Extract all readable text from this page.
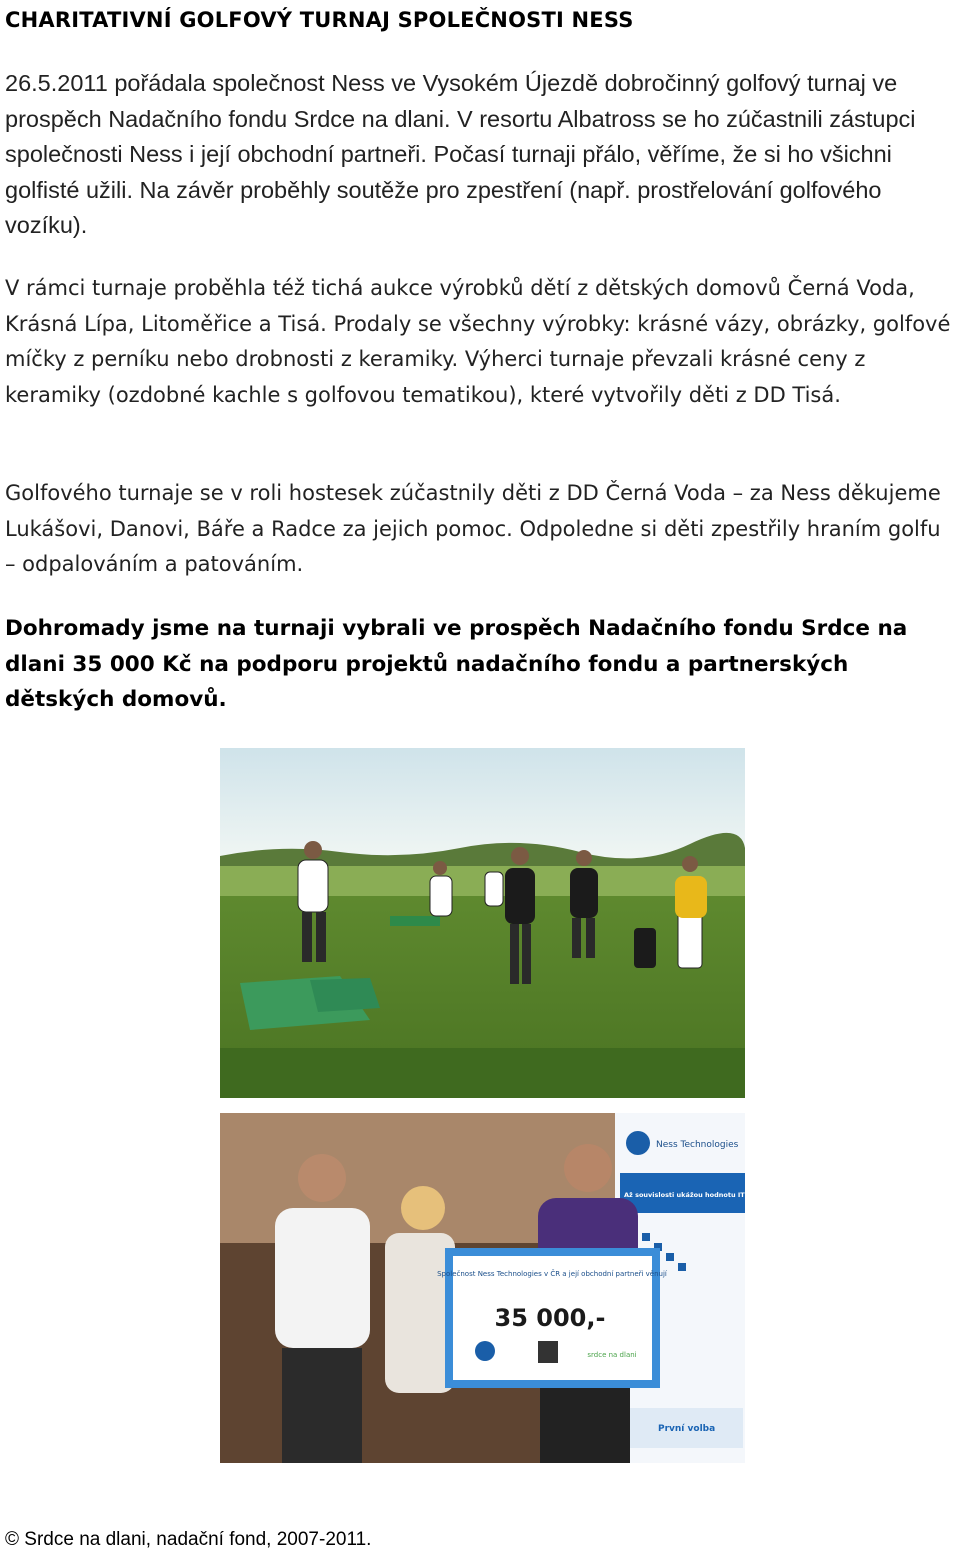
CHARITATIVNÍ GOLFOVÝ TURNAJ SPOLEČNOSTI NESS
26.5.2011 pořádala společnost Ness ve Vysokém Újezdě dobročinný golfový turnaj ve prospěch Nadačního fondu Srdce na dlani. V resortu Albatross se ho zúčastnili zástupci společnosti Ness i její obchodní partneři. Počasí turnaji přálo, věříme, že si ho všichni golfisté užili. Na závěr proběhly soutěže pro zpestření (např. prostřelování golfového vozíku).
V rámci turnaje proběhla též tichá aukce výrobků dětí z dětských domovů Černá Voda, Krásná Lípa, Litoměřice a Tisá. Prodaly se všechny výrobky: krásné vázy, obrázky, golfové míčky z perníku nebo drobnosti z keramiky. Výherci turnaje převzali krásné ceny z keramiky (ozdobné kachle s golfovou tematikou), které vytvořily děti z DD Tisá.
Golfového turnaje se v roli hostesek zúčastnily děti z DD Černá Voda – za Ness děkujeme Lukášovi, Danovi, Báře a Radce za jejich pomoc. Odpoledne si děti zpestřily hraním golfu – odpalováním a patováním.
Dohromady jsme na turnaji vybrali ve prospěch Nadačního fondu Srdce na dlani 35 000 Kč na podporu projektů nadačního fondu a partnerských dětských domovů.
Společnost Ness Technologies v ČR a její obchodní partneři věnují
35 000,-
srdce na dlani
Ness Technologies
Až souvislosti ukážou hodnotu IT
První volba
© Srdce na dlani, nadační fond, 2007-2011.
